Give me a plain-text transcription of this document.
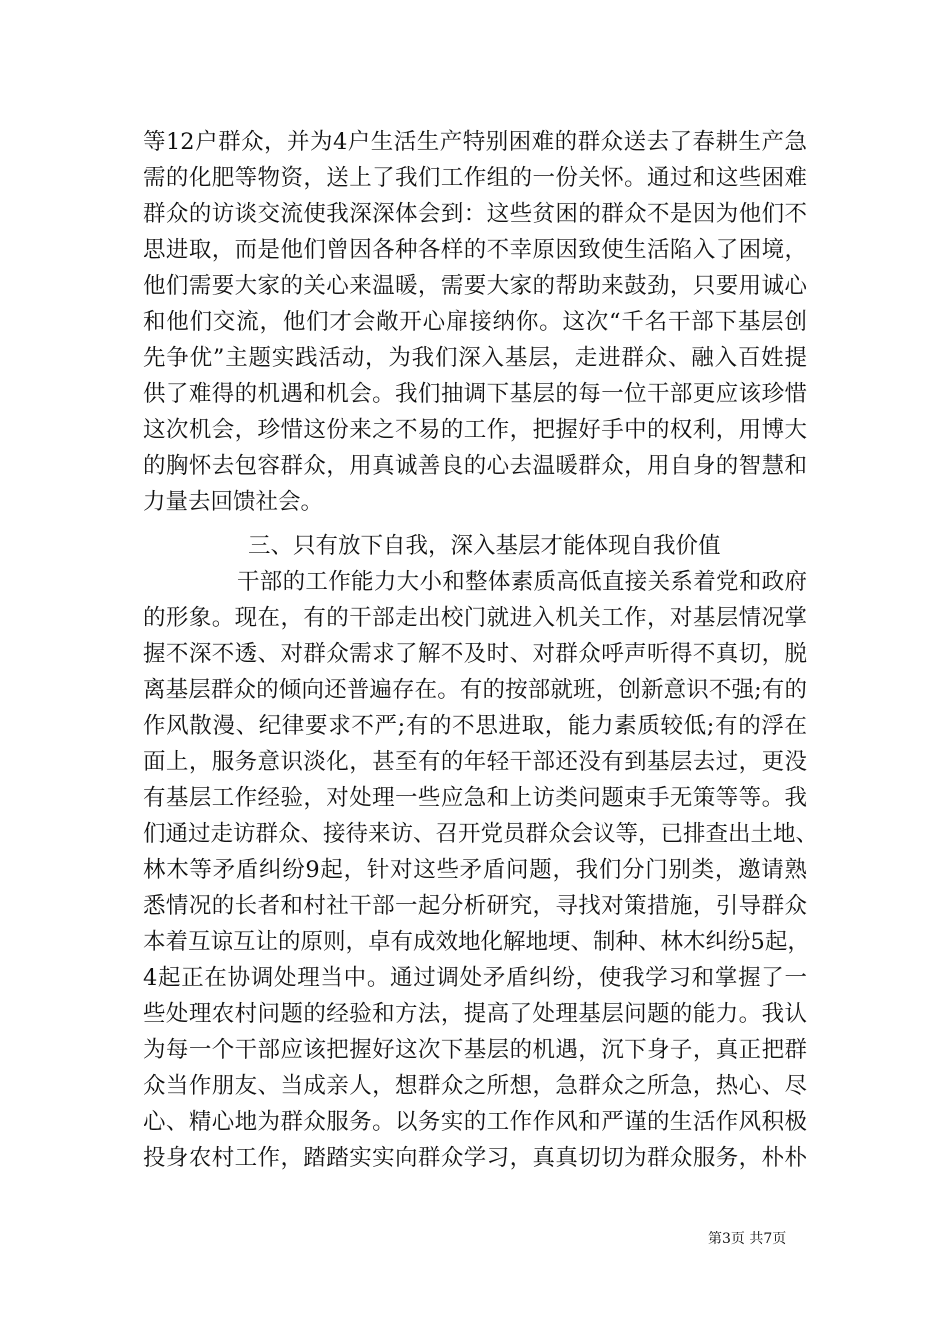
等12户群众，并为4户生活生产特别困难的群众送去了春耕生产急
需的化肥等物资，送上了我们工作组的一份关怀。通过和这些困难
群众的访谈交流使我深深体会到：这些贫困的群众不是因为他们不
思进取，而是他们曾因各种各样的不幸原因致使生活陷入了困境，
他们需要大家的关心来温暖，需要大家的帮助来鼓劲，只要用诚心
和他们交流，他们才会敞开心扉接纳你。这次“千名干部下基层创
先争优”主题实践活动，为我们深入基层，走进群众、融入百姓提
供了难得的机遇和机会。我们抽调下基层的每一位干部更应该珍惜
这次机会，珍惜这份来之不易的工作，把握好手中的权利，用博大
的胸怀去包容群众，用真诚善良的心去温暖群众，用自身的智慧和
力量去回馈社会。
三、只有放下自我，深入基层才能体现自我价值
干部的工作能力大小和整体素质高低直接关系着党和政府
的形象。现在，有的干部走出校门就进入机关工作，对基层情况掌
握不深不透、对群众需求了解不及时、对群众呼声听得不真切，脱
离基层群众的倾向还普遍存在。有的按部就班，创新意识不强;有的
作风散漫、纪律要求不严;有的不思进取，能力素质较低;有的浮在
面上，服务意识淡化，甚至有的年轻干部还没有到基层去过，更没
有基层工作经验，对处理一些应急和上访类问题束手无策等等。我
们通过走访群众、接待来访、召开党员群众会议等，已排查出土地、
林木等矛盾纠纷9起，针对这些矛盾问题，我们分门别类，邀请熟
悉情况的长者和村社干部一起分析研究，寻找对策措施，引导群众
本着互谅互让的原则，卓有成效地化解地埂、制种、林木纠纷5起，
4起正在协调处理当中。通过调处矛盾纠纷，使我学习和掌握了一
些处理农村问题的经验和方法，提高了处理基层问题的能力。我认
为每一个干部应该把握好这次下基层的机遇，沉下身子，真正把群
众当作朋友、当成亲人，想群众之所想，急群众之所急，热心、尽
心、精心地为群众服务。以务实的工作作风和严谨的生活作风积极
投身农村工作，踏踏实实向群众学习，真真切切为群众服务，朴朴
第3页 共7页
